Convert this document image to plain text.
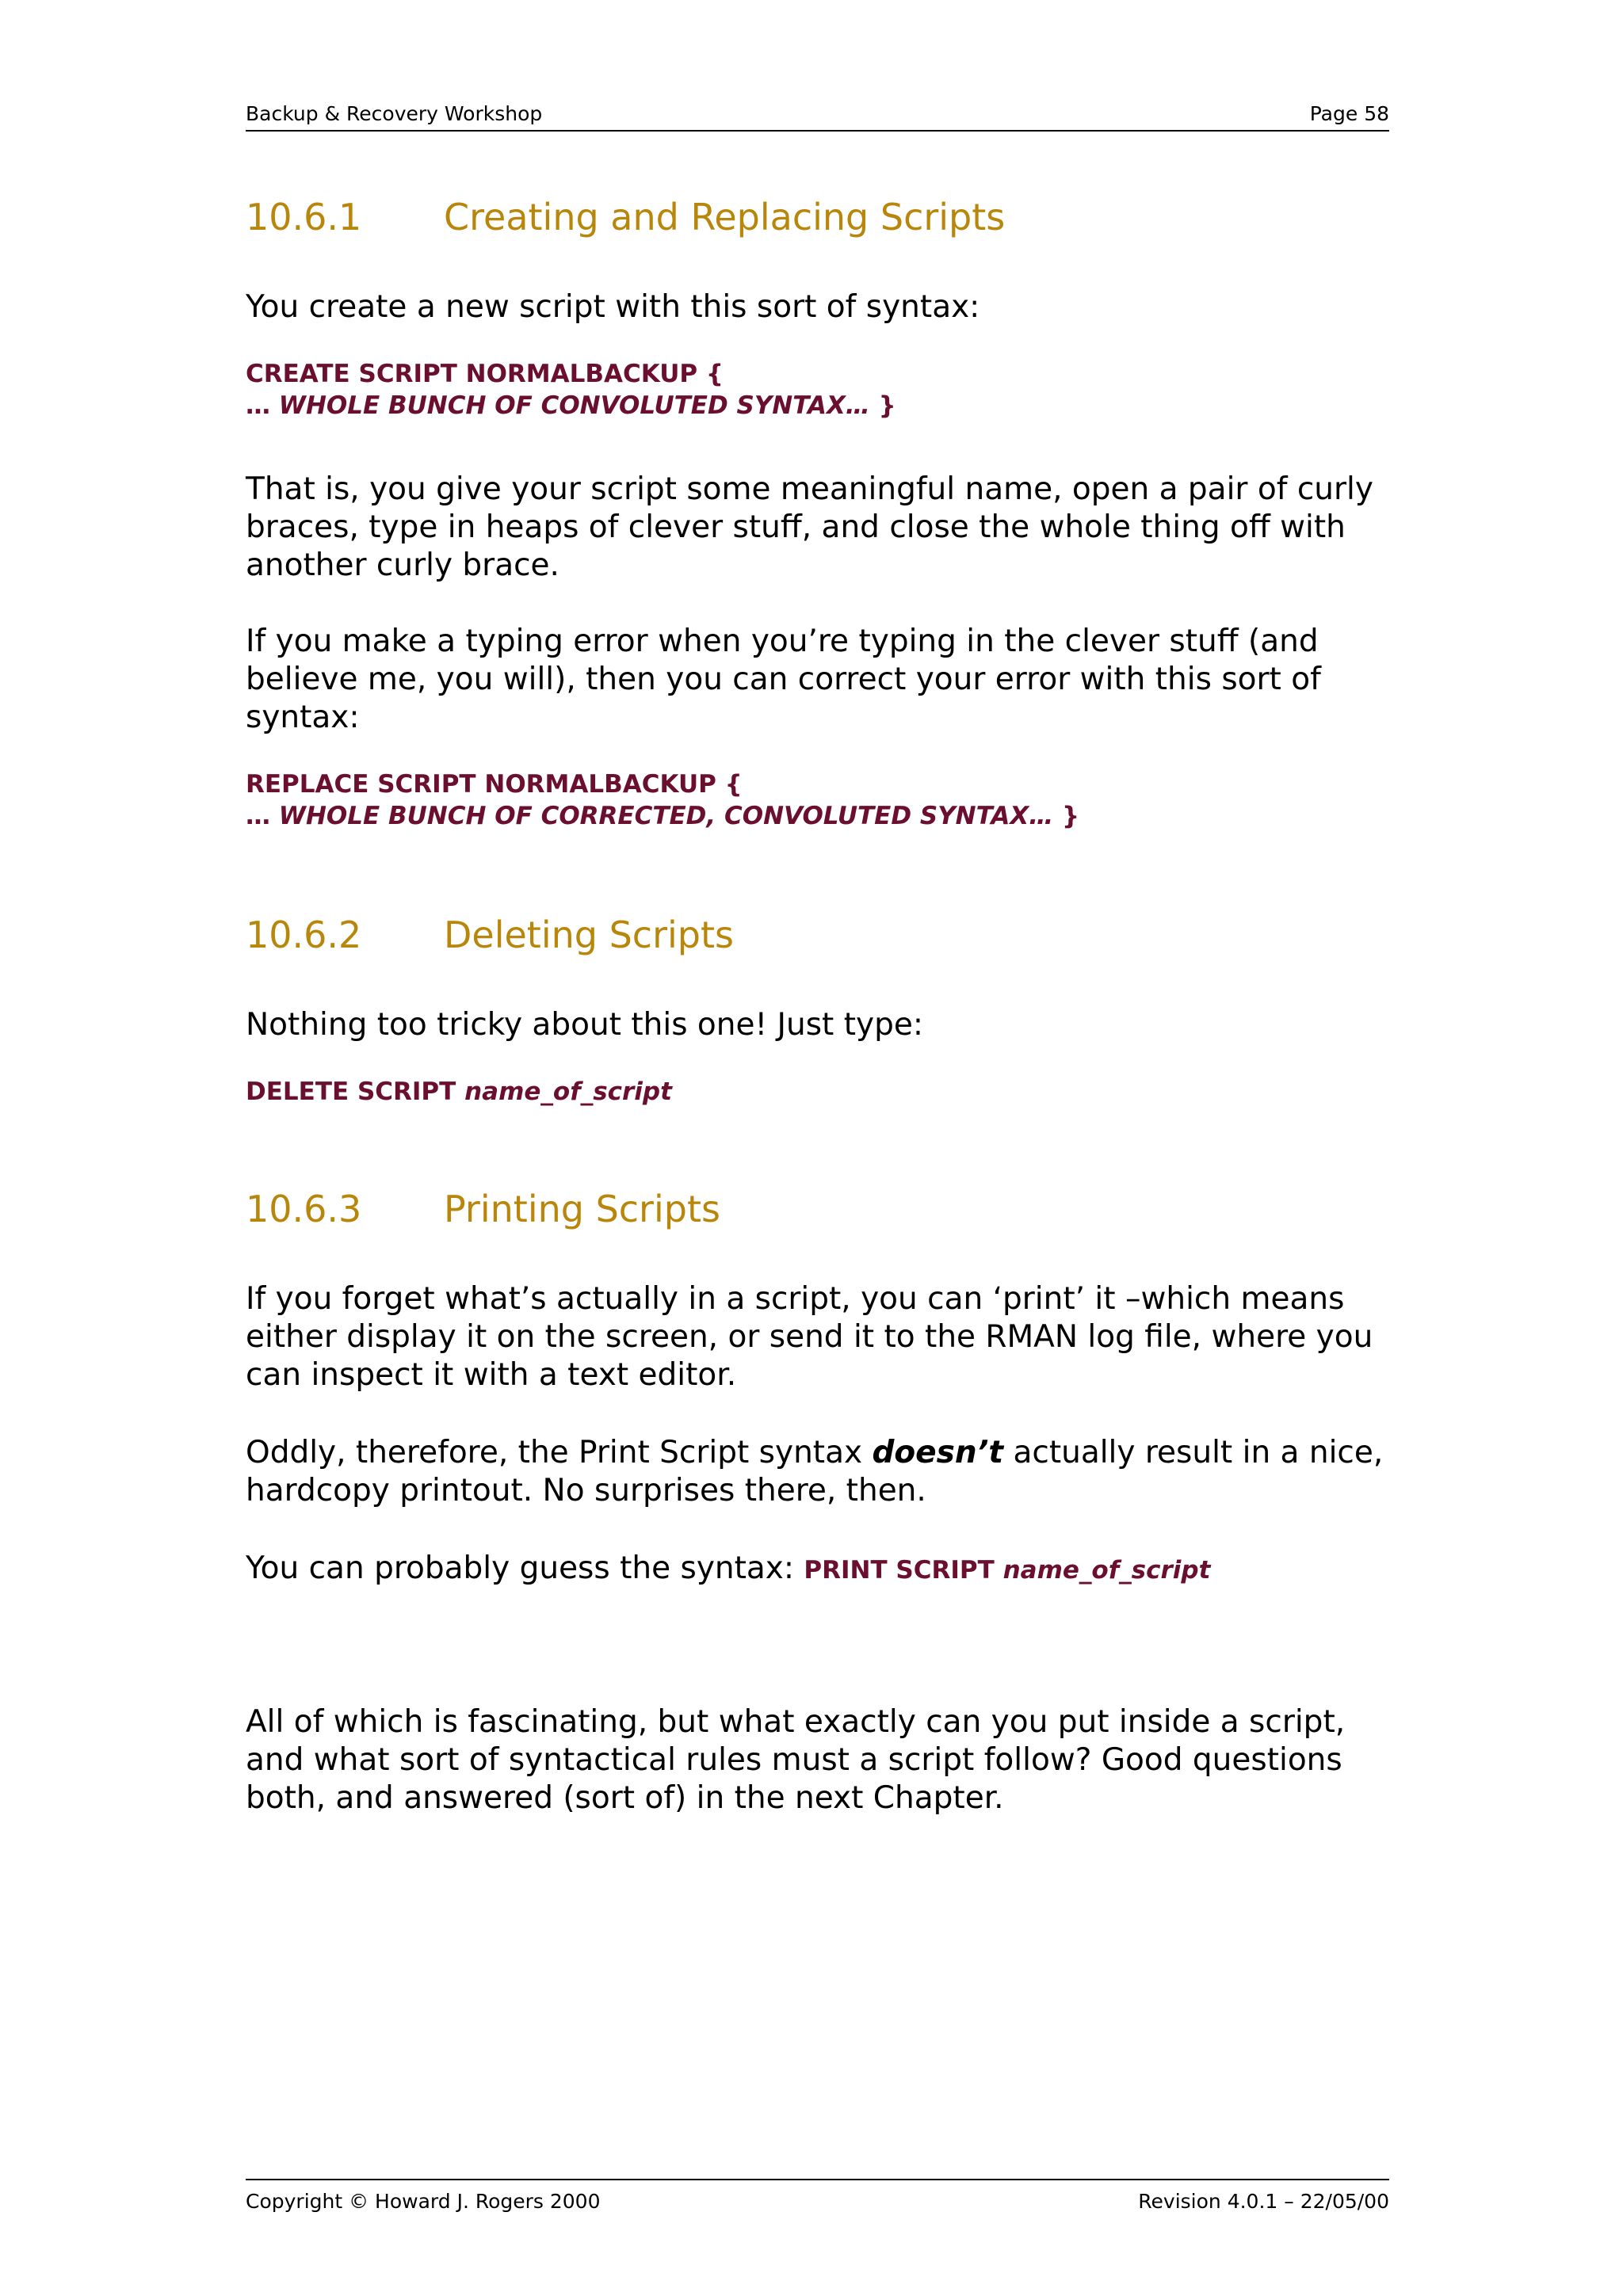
Backup & Recovery Workshop	Page 58
10.6.1 Creating and Replacing Scripts
You create a new script with this sort of syntax:
CREATE SCRIPT NORMALBACKUP {
… WHOLE BUNCH OF CONVOLUTED SYNTAX… }
That is, you give your script some meaningful name, open a pair of curly braces, type in heaps of clever stuff, and close the whole thing off with another curly brace.
If you make a typing error when you’re typing in the clever stuff (and believe me, you will), then you can correct your error with this sort of syntax:
REPLACE SCRIPT NORMALBACKUP {
… WHOLE BUNCH OF CORRECTED, CONVOLUTED SYNTAX… }
10.6.2 Deleting Scripts
Nothing too tricky about this one! Just type:
DELETE SCRIPT name_of_script
10.6.3 Printing Scripts
If you forget what’s actually in a script, you can ‘print’ it –which means either display it on the screen, or send it to the RMAN log file, where you can inspect it with a text editor.
Oddly, therefore, the Print Script syntax doesn’t actually result in a nice, hardcopy printout. No surprises there, then.
You can probably guess the syntax: PRINT SCRIPT name_of_script
All of which is fascinating, but what exactly can you put inside a script, and what sort of syntactical rules must a script follow? Good questions both, and answered (sort of) in the next Chapter.
Copyright © Howard J. Rogers 2000	Revision 4.0.1 – 22/05/00
